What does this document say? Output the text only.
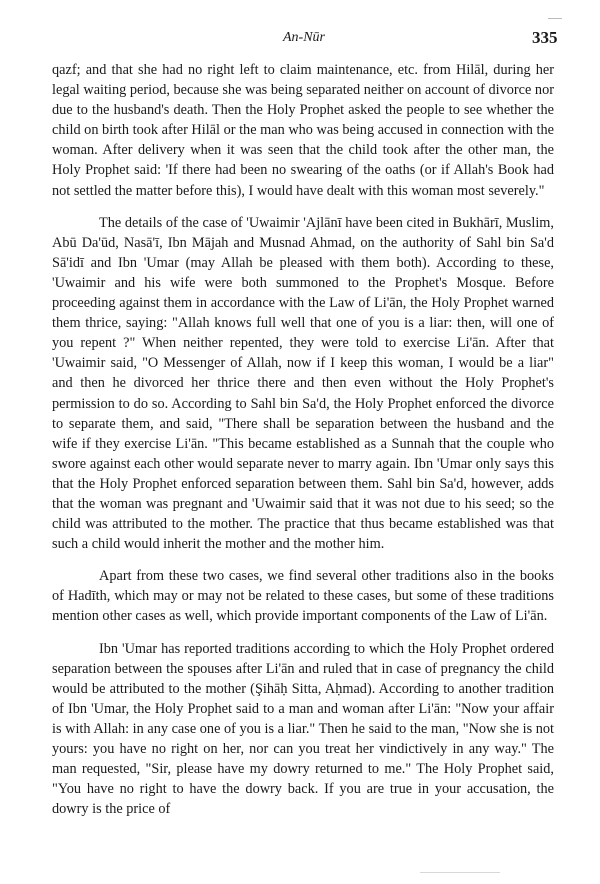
An-Nūr	335

qazf; and that she had no right left to claim maintenance, etc. from Hilāl, during her legal waiting period, because she was being separated neither on account of divorce nor due to the husband's death. Then the Holy Prophet asked the people to see whether the child on birth took after Hilāl or the man who was being accused in connection with the woman. After delivery when it was seen that the child took after the other man, the Holy Prophet said: 'If there had been no swearing of the oaths (or if Allah's Book had not settled the matter before this), I would have dealt with this woman most severely."

The details of the case of 'Uwaimir 'Ajlānī have been cited in Bukhārī, Muslim, Abū Da'ūd, Nasā'ī, Ibn Mājah and Musnad Ahmad, on the authority of Sahl bin Sa'd Sā'idī and Ibn 'Umar (may Allah be pleased with them both). According to these, 'Uwaimir and his wife were both summoned to the Prophet's Mosque. Before proceeding against them in accordance with the Law of Li'ān, the Holy Prophet warned them thrice, saying: "Allah knows full well that one of you is a liar: then, will one of you repent ?" When neither repented, they were told to exercise Li'ān. After that 'Uwaimir said, "O Messenger of Allah, now if I keep this woman, I would be a liar" and then he divorced her thrice there and then even without the Holy Prophet's permission to do so. According to Sahl bin Sa'd, the Holy Prophet enforced the divorce to separate them, and said, "There shall be separation between the husband and the wife if they exercise Li'ān. "This became established as a Sunnah that the couple who swore against each other would separate never to marry again. Ibn 'Umar only says this that the Holy Prophet enforced separation between them. Sahl bin Sa'd, however, adds that the woman was pregnant and 'Uwaimir said that it was not due to his seed; so the child was attributed to the mother. The practice that thus became established was that such a child would inherit the mother and the mother him.

Apart from these two cases, we find several other traditions also in the books of Hadīth, which may or may not be related to these cases, but some of these traditions mention other cases as well, which provide important components of the Law of Li'ān.

Ibn 'Umar has reported traditions according to which the Holy Prophet ordered separation between the spouses after Li'ān and ruled that in case of pregnancy the child would be attributed to the mother (Şihāḥ Sitta, Aḥmad). According to another tradition of Ibn 'Umar, the Holy Prophet said to a man and woman after Li'ān: "Now your affair is with Allah: in any case one of you is a liar." Then he said to the man, "Now she is not yours: you have no right on her, nor can you treat her vindictively in any way." The man requested, "Sir, please have my dowry returned to me." The Holy Prophet said, "You have no right to have the dowry back. If you are true in your accusation, the dowry is the price of
